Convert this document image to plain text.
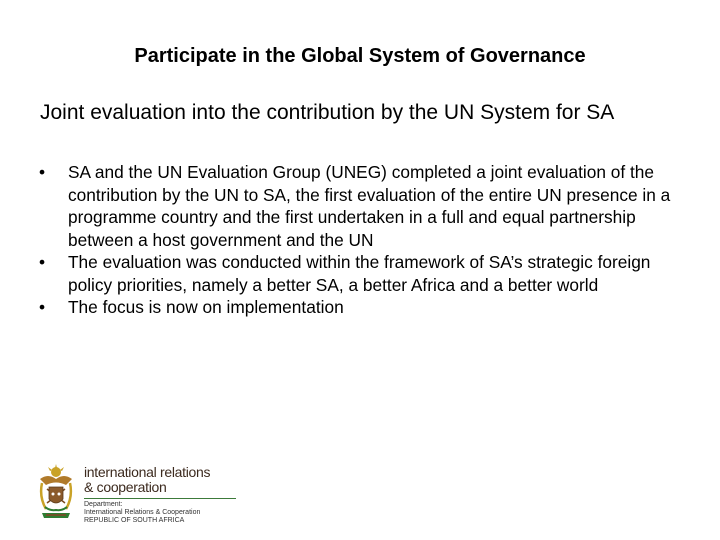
Participate in the Global System of Governance

Joint evaluation into the contribution by the UN System for SA

•	SA and the UN Evaluation Group (UNEG) completed a joint evaluation of the contribution by the UN to SA, the first evaluation of the entire UN presence in a programme country and the first undertaken in a full and equal partnership between a host government and the UN
•	The evaluation was conducted within the framework of SA’s strategic foreign policy priorities, namely a better SA, a better Africa and a better world
•	The focus is now on implementation
international relations
& cooperation
Department:
International Relations & Cooperation
REPUBLIC OF SOUTH AFRICA
